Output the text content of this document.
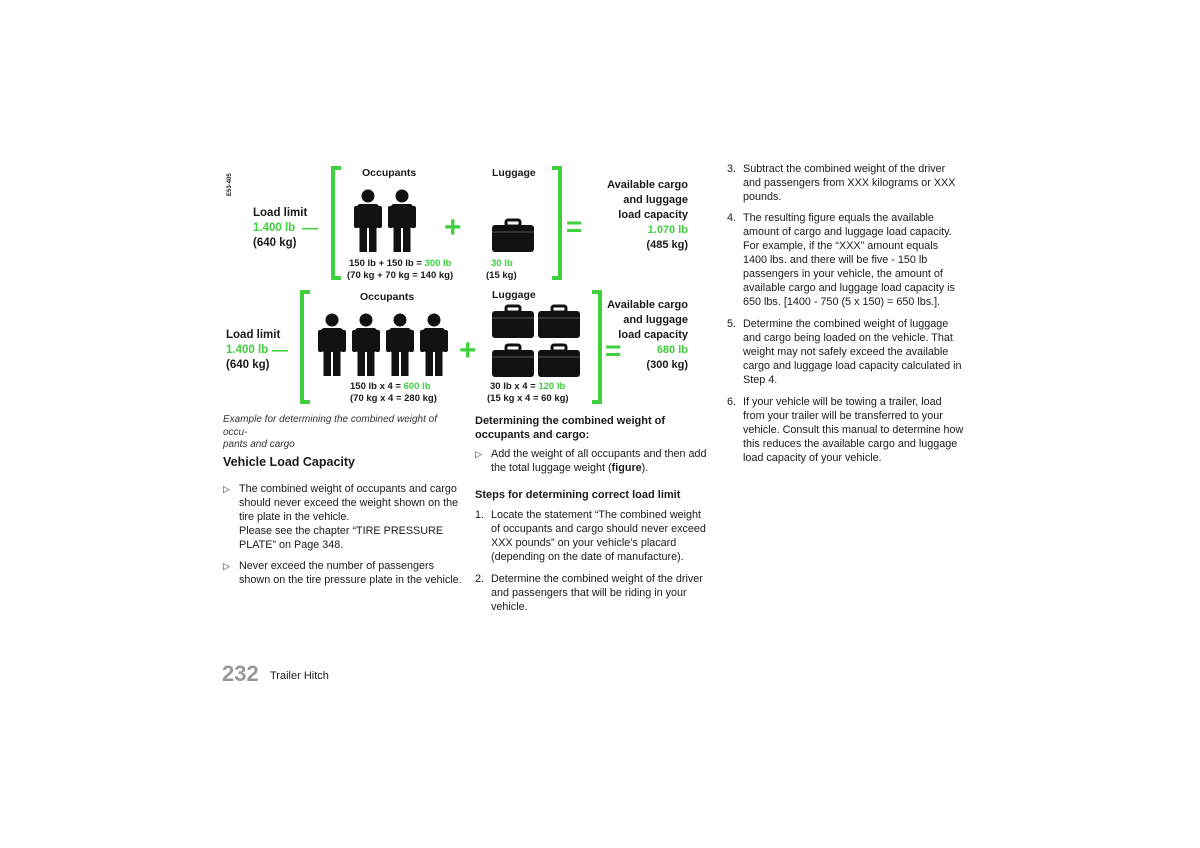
E53-405
Load limit
1.400 lb
(640 kg)
—
Occupants
+
Luggage
150 lb + 150 lb = 300 lb
(70 kg + 70 kg = 140 kg)
30 lb
(15 kg)
=
Available cargo
and luggage
load capacity
1.070 lb
(485 kg)
Load limit
1.400 lb
(640 kg)
—
Occupants
+
Luggage
150 lb x 4 = 600 lb
(70 kg x 4 = 280 kg)
30 lb x 4 = 120 lb
(15 kg x 4 = 60 kg)
=
Available cargo
and luggage
load capacity
680 lb
(300 kg)
Example for determining the combined weight of occu-
pants and cargo
Vehicle Load Capacity
▷ The combined weight of occupants and cargo should never exceed the weight shown on the tire plate in the vehicle.
Please see the chapter “TIRE PRESSURE PLATE” on Page 348.
▷ Never exceed the number of passengers shown on the tire pressure plate in the vehicle.
Determining the combined weight of occupants and cargo:
▷ Add the weight of all occupants and then add the total luggage weight (figure).
Steps for determining correct load limit
1. Locate the statement “The combined weight of occupants and cargo should never exceed XXX pounds” on your vehicle’s placard (depending on the date of manufacture).
2. Determine the combined weight of the driver and passengers that will be riding in your vehicle.
3. Subtract the combined weight of the driver and passengers from XXX kilograms or XXX pounds.
4. The resulting figure equals the available amount of cargo and luggage load capacity. For example, if the “XXX” amount equals 1400 lbs. and there will be five - 150 lb passengers in your vehicle, the amount of available cargo and luggage load capacity is 650 lbs. [1400 - 750 (5 x 150) = 650 lbs.].
5. Determine the combined weight of luggage and cargo being loaded on the vehicle. That weight may not safely exceed the available cargo and luggage load capacity calculated in Step 4.
6. If your vehicle will be towing a trailer, load from your trailer will be transferred to your vehicle. Consult this manual to determine how this reduces the available cargo and luggage load capacity of your vehicle.
232 Trailer Hitch
